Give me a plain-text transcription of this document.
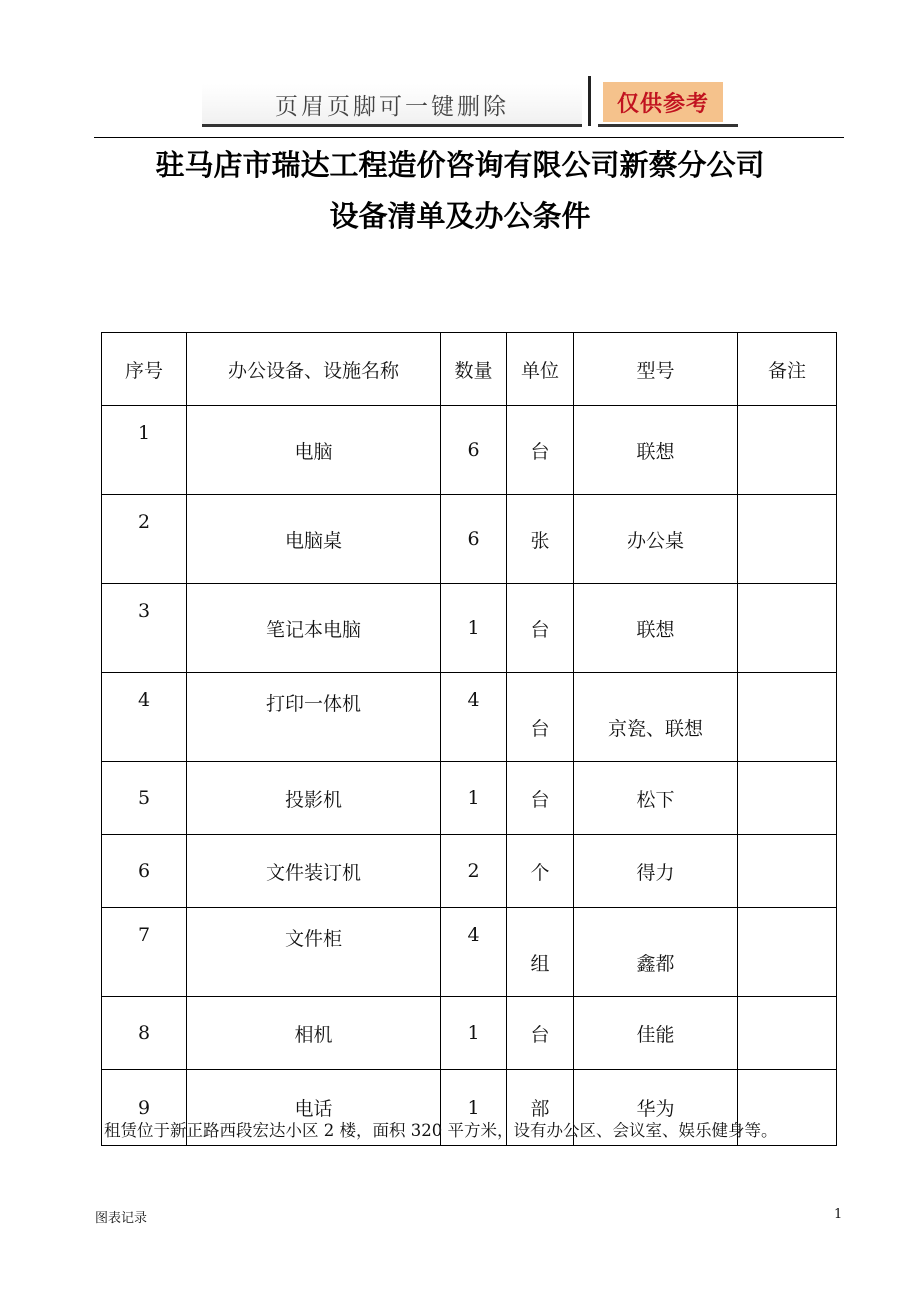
页眉页脚可一键删除	仅供参考
驻马店市瑞达工程造价咨询有限公司新蔡分公司
设备清单及办公条件
序号	办公设备、设施名称	数量	单位	型号	备注
1	电脑	6	台	联想	
2	电脑桌	6	张	办公桌	
3	笔记本电脑	1	台	联想	
4	打印一体机	4	台	京瓷、联想	
5	投影机	1	台	松下	
6	文件装订机	2	个	得力	
7	文件柜	4	组	鑫都	
8	相机	1	台	佳能	
9	电话	1	部	华为	
租赁位于新正路西段宏达小区 2 楼，面积 320 平方米，设有办公区、会议室、娱乐健身等。
图表记录	1
